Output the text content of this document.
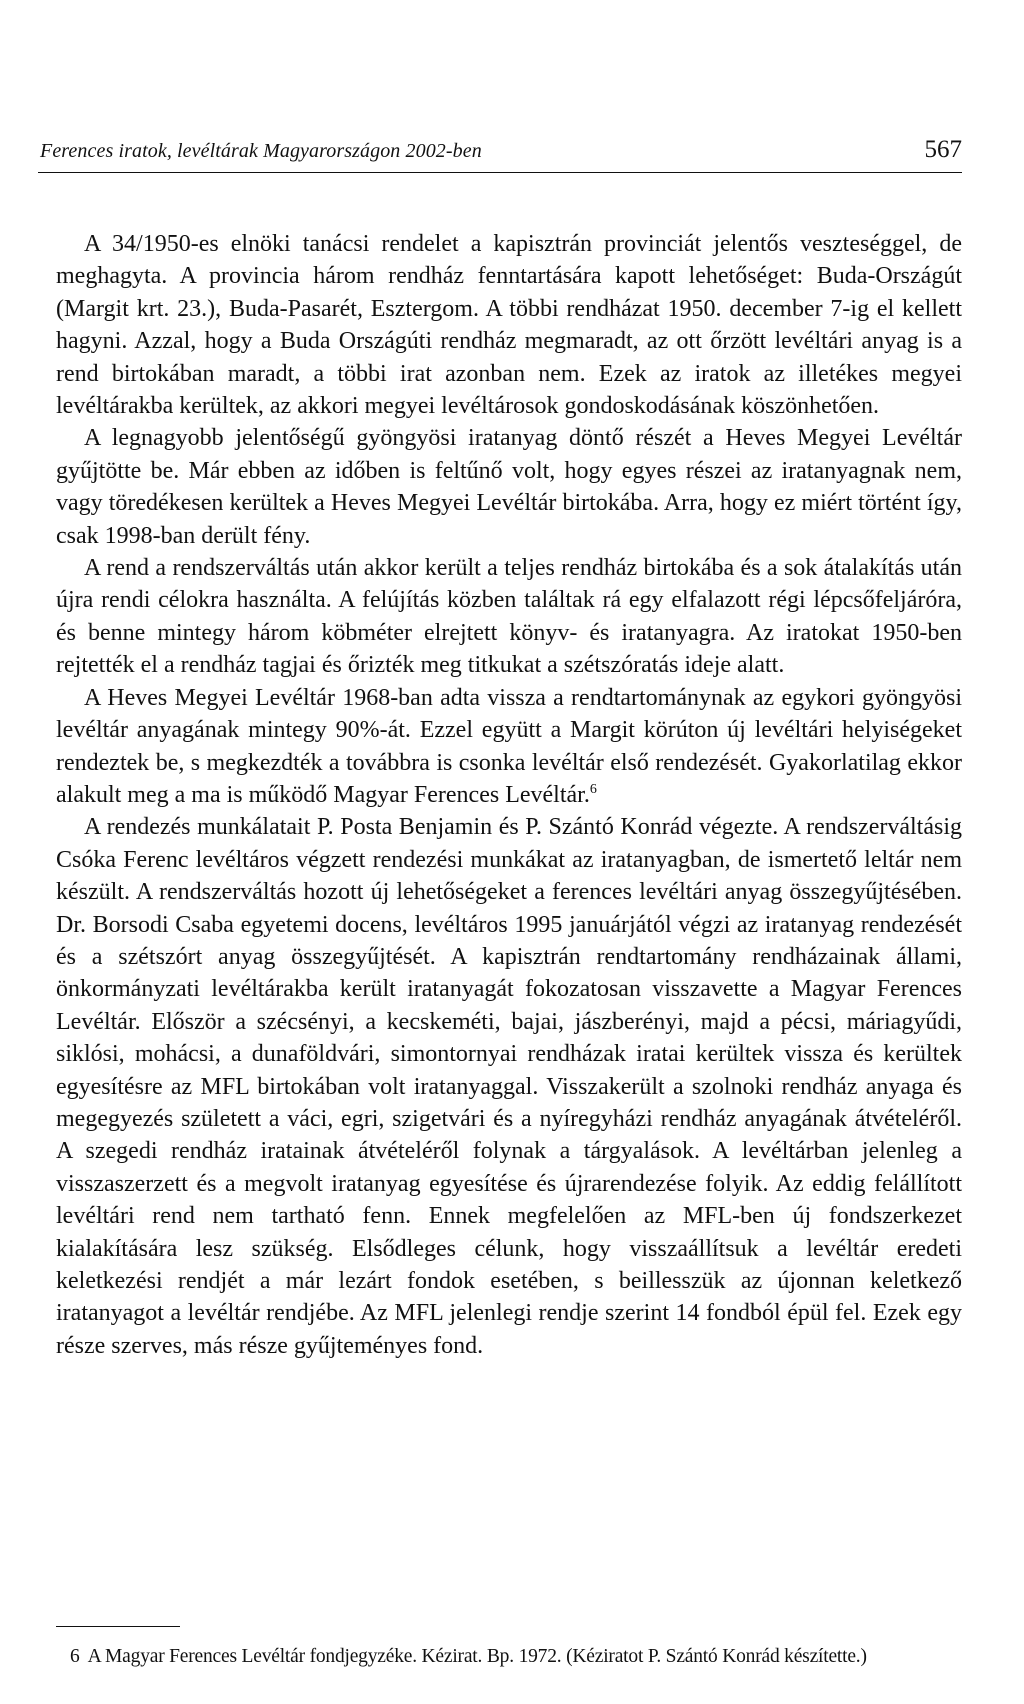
Ferences iratok, levéltárak Magyarországon 2002-ben	567

A 34/1950-es elnöki tanácsi rendelet a kapisztrán provinciát jelentős veszteséggel, de meghagyta. A provincia három rendház fenntartására kapott lehetőséget: Buda-Országút (Margit krt. 23.), Buda-Pasarét, Esztergom. A többi rendházat 1950. december 7-ig el kellett hagyni. Azzal, hogy a Buda Országúti rendház megmaradt, az ott őrzött levéltári anyag is a rend birtokában maradt, a többi irat azonban nem. Ezek az iratok az illetékes megyei levéltárakba kerültek, az akkori megyei levéltárosok gondoskodásának köszönhetően.

A legnagyobb jelentőségű gyöngyösi iratanyag döntő részét a Heves Megyei Levéltár gyűjtötte be. Már ebben az időben is feltűnő volt, hogy egyes részei az iratanyagnak nem, vagy töredékesen kerültek a Heves Megyei Levéltár birtokába. Arra, hogy ez miért történt így, csak 1998-ban derült fény.

A rend a rendszerváltás után akkor került a teljes rendház birtokába és a sok átalakítás után újra rendi célokra használta. A felújítás közben találtak rá egy elfalazott régi lépcsőfeljáróra, és benne mintegy három köbméter elrejtett könyv- és iratanyagra. Az iratokat 1950-ben rejtették el a rendház tagjai és őrizték meg titkukat a szétszóratás ideje alatt.

A Heves Megyei Levéltár 1968-ban adta vissza a rendtartománynak az egykori gyöngyösi levéltár anyagának mintegy 90%-át. Ezzel együtt a Margit körúton új levéltári helyiségeket rendeztek be, s megkezdték a továbbra is csonka levéltár első rendezését. Gyakorlatilag ekkor alakult meg a ma is működő Magyar Ferences Levéltár.$^6$

A rendezés munkálatait P. Posta Benjamin és P. Szántó Konrád végezte. A rendszerváltásig Csóka Ferenc levéltáros végzett rendezési munkákat az iratanyagban, de ismertető leltár nem készült. A rendszerváltás hozott új lehetőségeket a ferences levéltári anyag összegyűjtésében. Dr. Borsodi Csaba egyetemi docens, levéltáros 1995 januárjától végzi az iratanyag rendezését és a szétszórt anyag összegyűjtését. A kapisztrán rendtartomány rendházainak állami, önkormányzati levéltárakba került iratanyagát fokozatosan visszavette a Magyar Ferences Levéltár. Először a szécsényi, a kecskeméti, bajai, jászberényi, majd a pécsi, máriagyűdi, siklósi, mohácsi, a dunaföldvári, simontornyai rendházak iratai kerültek vissza és kerültek egyesítésre az MFL birtokában volt iratanyaggal. Visszakerült a szolnoki rendház anyaga és megegyezés született a váci, egri, szigetvári és a nyíregyházi rendház anyagának átvételéről. A szegedi rendház iratainak átvételéről folynak a tárgyalások. A levéltárban jelenleg a visszaszerzett és a megvolt iratanyag egyesítése és újrarendezése folyik. Az eddig felállított levéltári rend nem tartható fenn. Ennek megfelelően az MFL-ben új fondszerkezet kialakítására lesz szükség. Elsődleges célunk, hogy visszaállítsuk a levéltár eredeti keletkezési rendjét a már lezárt fondok esetében, s beillesszük az újonnan keletkező iratanyagot a levéltár rendjébe. Az MFL jelenlegi rendje szerint 14 fondból épül fel. Ezek egy része szerves, más része gyűjteményes fond.

6 A Magyar Ferences Levéltár fondjegyzéke. Kézirat. Bp. 1972. (Kéziratot P. Szántó Konrád készítette.)
